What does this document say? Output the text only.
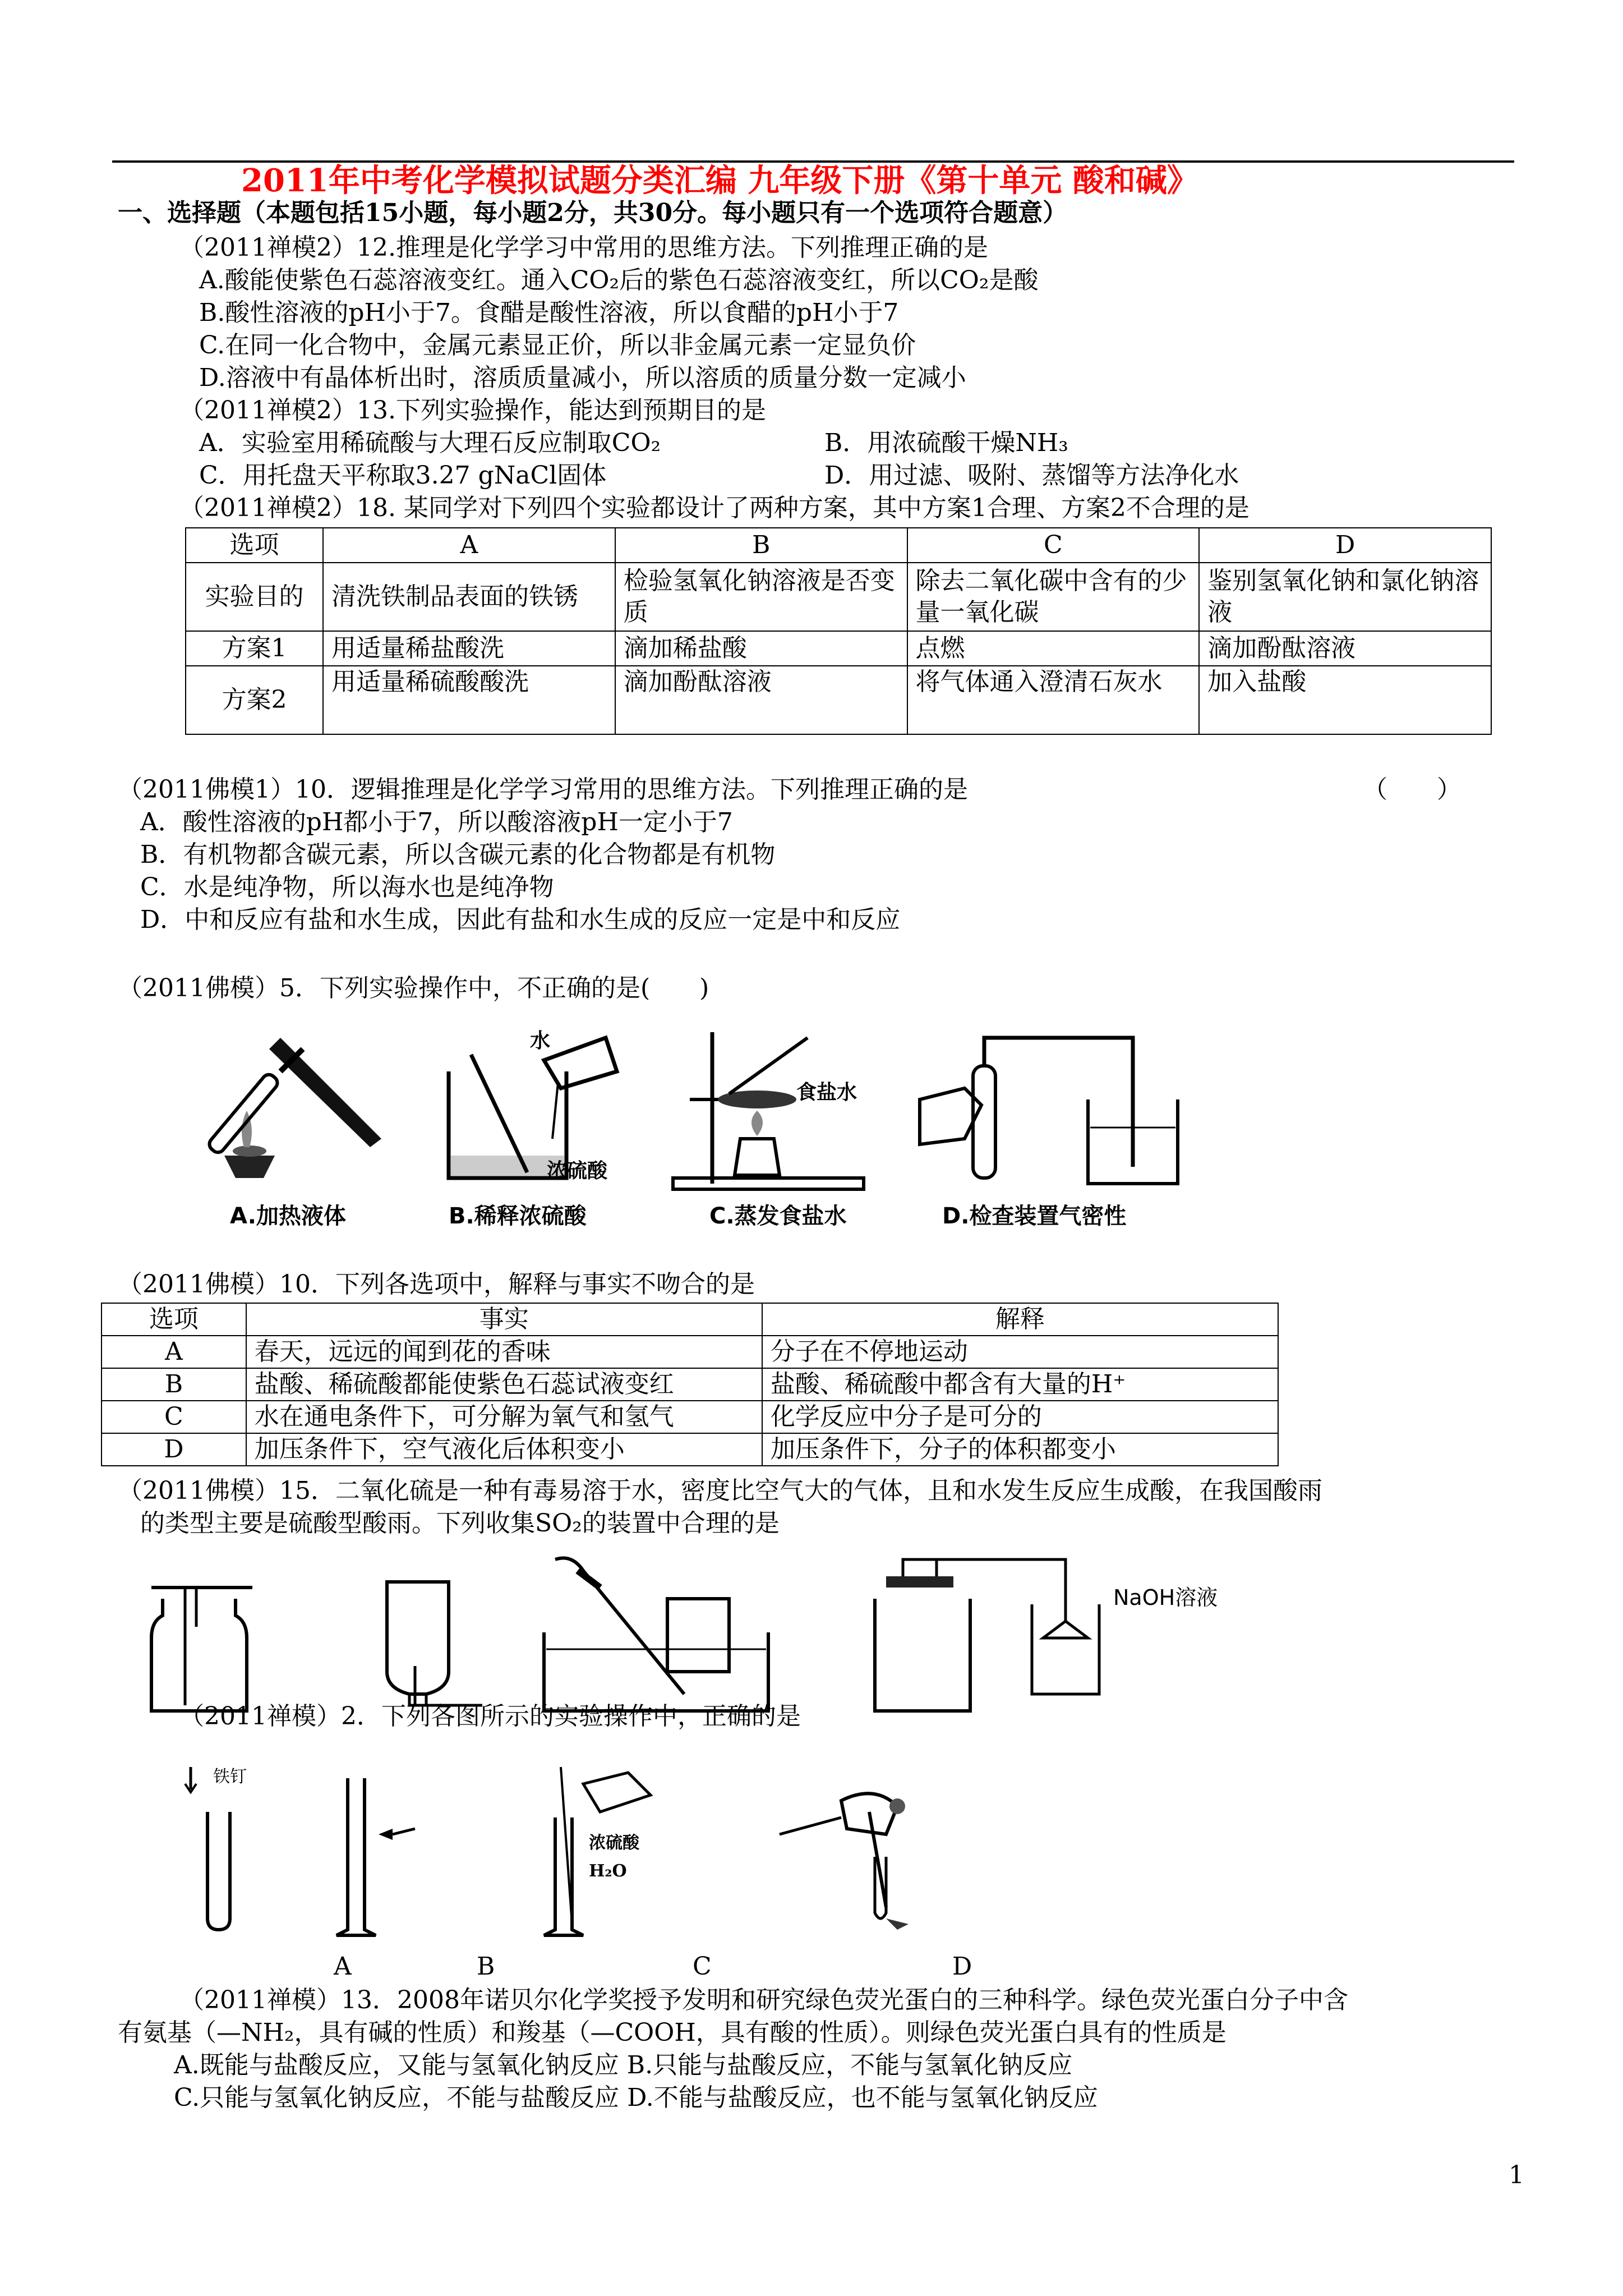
2011年中考化学模拟试题分类汇编 九年级下册《第十单元 酸和碱》
一、选择题（本题包括15小题，每小题2分，共30分。每小题只有一个选项符合题意）
（2011禅模2）12.推理是化学学习中常用的思维方法。下列推理正确的是
A.酸能使紫色石蕊溶液变红。通入CO₂后的紫色石蕊溶液变红，所以CO₂是酸
B.酸性溶液的pH小于7。食醋是酸性溶液，所以食醋的pH小于7
C.在同一化合物中，金属元素显正价，所以非金属元素一定显负价
D.溶液中有晶体析出时，溶质质量减小，所以溶质的质量分数一定减小
（2011禅模2）13.下列实验操作，能达到预期目的是
A．实验室用稀硫酸与大理石反应制取CO₂	B．用浓硫酸干燥NH₃
C．用托盘天平称取3.27 gNaCl固体	D．用过滤、吸附、蒸馏等方法净化水
（2011禅模2）18. 某同学对下列四个实验都设计了两种方案，其中方案1合理、方案2不合理的是
选项	A	B	C	D
实验目的	清洗铁制品表面的铁锈	检验氢氧化钠溶液是否变质	除去二氧化碳中含有的少量一氧化碳	鉴别氢氧化钠和氯化钠溶液
方案1	用适量稀盐酸洗	滴加稀盐酸	点燃	滴加酚酞溶液
方案2	用适量稀硫酸酸洗	滴加酚酞溶液	将气体通入澄清石灰水	加入盐酸
（2011佛模1）10．逻辑推理是化学学习常用的思维方法。下列推理正确的是	（　　）
A．酸性溶液的pH都小于7，所以酸溶液pH一定小于7
B．有机物都含碳元素，所以含碳元素的化合物都是有机物
C．水是纯净物，所以海水也是纯净物
D．中和反应有盐和水生成，因此有盐和水生成的反应一定是中和反应
（2011佛模）5．下列实验操作中，不正确的是(　　)
A.加热液体
水
浓硫酸
B.稀释浓硫酸
食盐水
C.蒸发食盐水	D.检查装置气密性
（2011佛模）10．下列各选项中，解释与事实不吻合的是
选项	事实	解释
A	春天，远远的闻到花的香味	分子在不停地运动
B	盐酸、稀硫酸都能使紫色石蕊试液变红	盐酸、稀硫酸中都含有大量的H⁺
C	水在通电条件下，可分解为氧气和氢气	化学反应中分子是可分的
D	加压条件下，空气液化后体积变小	加压条件下，分子的体积都变小
（2011佛模）15．二氧化硫是一种有毒易溶于水，密度比空气大的气体，且和水发生反应生成酸，在我国酸雨
的类型主要是硫酸型酸雨。下列收集SO₂的装置中合理的是
NaOH溶液
（2011禅模）2．下列各图所示的实验操作中，正确的是
铁钉
浓硫酸
H₂O
A	B	C	D
（2011禅模）13．2008年诺贝尔化学奖授予发明和研究绿色荧光蛋白的三种科学。绿色荧光蛋白分子中含
有氨基（—NH₂，具有碱的性质）和羧基（—COOH，具有酸的性质）。则绿色荧光蛋白具有的性质是
A.既能与盐酸反应，又能与氢氧化钠反应 B.只能与盐酸反应，不能与氢氧化钠反应
C.只能与氢氧化钠反应，不能与盐酸反应 D.不能与盐酸反应，也不能与氢氧化钠反应
1
